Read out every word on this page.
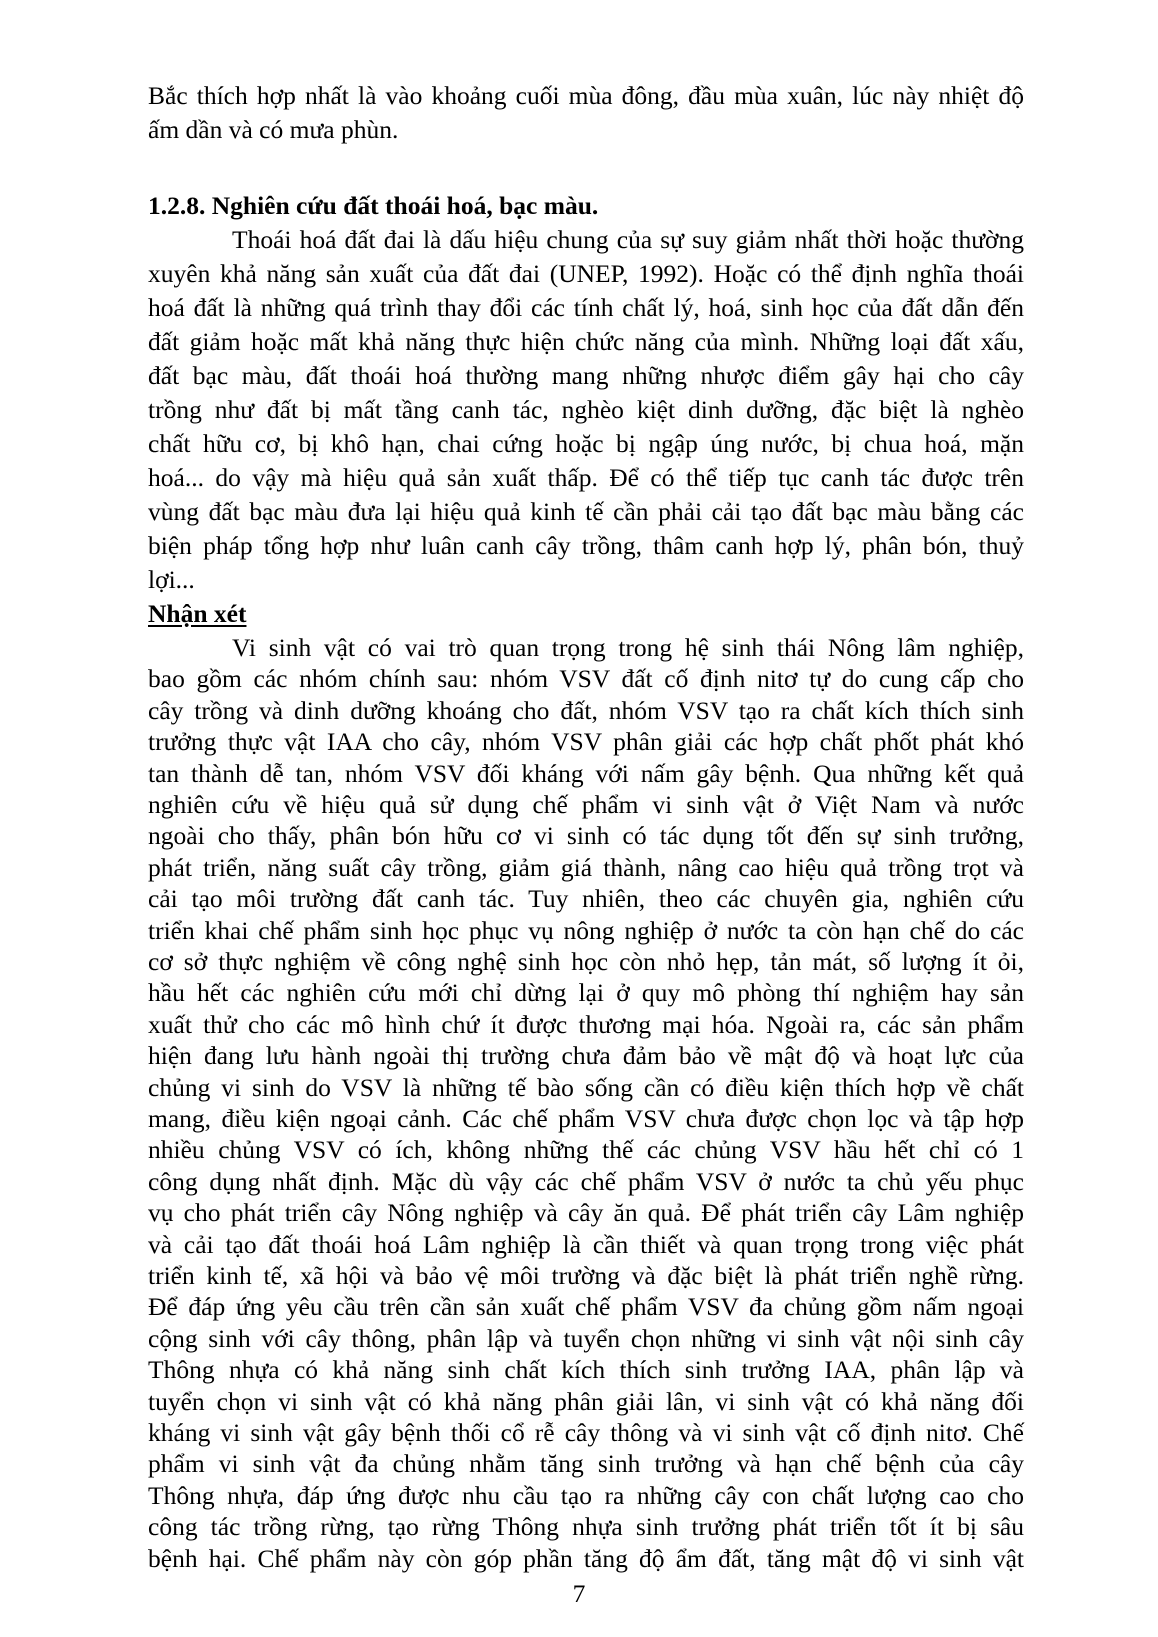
Bắc thích hợp nhất là vào khoảng cuối mùa đông, đầu mùa xuân, lúc này nhiệt độ
ấm dần và có mưa phùn.
1.2.8. Nghiên cứu đất thoái hoá, bạc màu.
Thoái hoá đất đai là dấu hiệu chung của sự suy giảm nhất thời hoặc thường
xuyên khả năng sản xuất của đất đai (UNEP, 1992). Hoặc có thể định nghĩa thoái
hoá đất là những quá trình thay đổi các tính chất lý, hoá, sinh học của đất dẫn đến
đất giảm hoặc mất khả năng thực hiện chức năng của mình. Những loại đất xấu,
đất bạc màu, đất thoái hoá thường mang những nhược điểm gây hại cho cây
trồng như đất bị mất tầng canh tác, nghèo kiệt dinh dưỡng, đặc biệt là nghèo
chất hữu cơ, bị khô hạn, chai cứng hoặc bị ngập úng nước, bị chua hoá, mặn
hoá... do vậy mà hiệu quả sản xuất thấp. Để có thể tiếp tục canh tác được trên
vùng đất bạc màu đưa lại hiệu quả kinh tế cần phải cải tạo đất bạc màu bằng các
biện pháp tổng hợp như luân canh cây trồng, thâm canh hợp lý, phân bón, thuỷ
lợi...
Nhận xét
7
Vi sinh vật có vai trò quan trọng trong hệ sinh thái Nông lâm nghiệp,
bao gồm các nhóm chính sau: nhóm VSV đất cố định nitơ tự do cung cấp cho
cây trồng và dinh dưỡng khoáng cho đất, nhóm VSV tạo ra chất kích thích sinh
trưởng thực vật IAA cho cây, nhóm VSV phân giải các hợp chất phốt phát khó
tan thành dễ tan, nhóm VSV đối kháng với nấm gây bệnh. Qua những kết quả
nghiên cứu về hiệu quả sử dụng chế phẩm vi sinh vật ở Việt Nam và nước
ngoài cho thấy, phân bón hữu cơ vi sinh có tác dụng tốt đến sự sinh trưởng,
phát triển, năng suất cây trồng, giảm giá thành, nâng cao hiệu quả trồng trọt và
cải tạo môi trường đất canh tác. Tuy nhiên, theo các chuyên gia, nghiên cứu
triển khai chế phẩm sinh học phục vụ nông nghiệp ở nước ta còn hạn chế do các
cơ sở thực nghiệm về công nghệ sinh học còn nhỏ hẹp, tản mát, số lượng ít ỏi,
hầu hết các nghiên cứu mới chỉ dừng lại ở quy mô phòng thí nghiệm hay sản
xuất thử cho các mô hình chứ ít được thương mại hóa. Ngoài ra, các sản phẩm
hiện đang lưu hành ngoài thị trường chưa đảm bảo về mật độ và hoạt lực của
chủng vi sinh do VSV là những tế bào sống cần có điều kiện thích hợp về chất
mang, điều kiện ngoại cảnh. Các chế phẩm VSV chưa được chọn lọc và tập hợp
nhiều chủng VSV có ích, không những thế các chủng VSV hầu hết chỉ có 1
công dụng nhất định. Mặc dù vậy các chế phẩm VSV ở nước ta chủ yếu phục
vụ cho phát triển cây Nông nghiệp và cây ăn quả. Để phát triển cây Lâm nghiệp
và cải tạo đất thoái hoá Lâm nghiệp là cần thiết và quan trọng trong việc phát
triển kinh tế, xã hội và bảo vệ môi trường và đặc biệt là phát triển nghề rừng.
Để đáp ứng yêu cầu trên cần sản xuất chế phẩm VSV đa chủng gồm nấm ngoại
cộng sinh với cây thông, phân lập và tuyển chọn những vi sinh vật nội sinh cây
Thông nhựa có khả năng sinh chất kích thích sinh trưởng IAA, phân lập và
tuyển chọn vi sinh vật có khả năng phân giải lân, vi sinh vật có khả năng đối
kháng vi sinh vật gây bệnh thối cổ rễ cây thông và vi sinh vật cố định nitơ. Chế
phẩm vi sinh vật đa chủng nhằm tăng sinh trưởng và hạn chế bệnh của cây
Thông nhựa, đáp ứng được nhu cầu tạo ra những cây con chất lượng cao cho
công tác trồng rừng, tạo rừng Thông nhựa sinh trưởng phát triển tốt ít bị sâu
bệnh hại. Chế phẩm này còn góp phần tăng độ ẩm đất, tăng mật độ vi sinh vật
